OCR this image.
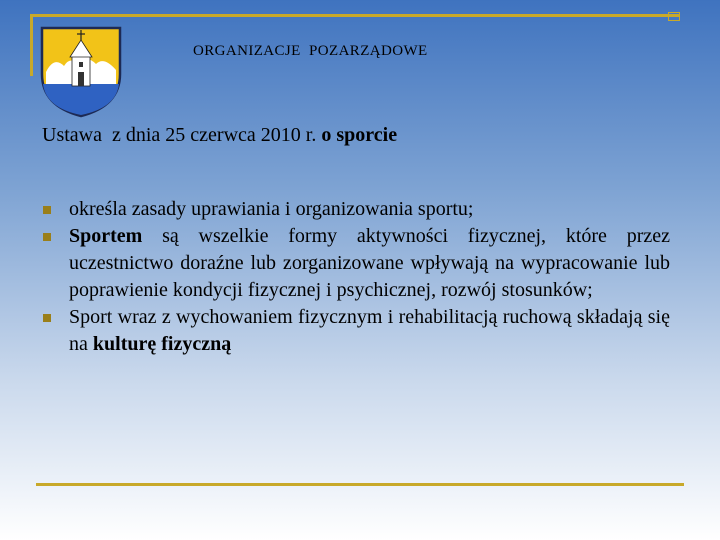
ORGANIZACJE  POZARZĄDOWE
Ustawa  z dnia 25 czerwca 2010 r. o sporcie
określa zasady uprawiania i organizowania sportu;
Sportem są wszelkie formy aktywności fizycznej, które przez uczestnictwo doraźne lub zorganizowane wpływają na wypracowanie lub poprawienie kondycji fizycznej i psychicznej, rozwój stosunków;
Sport wraz z wychowaniem fizycznym i rehabilitacją ruchową składają się na kulturę fizyczną
